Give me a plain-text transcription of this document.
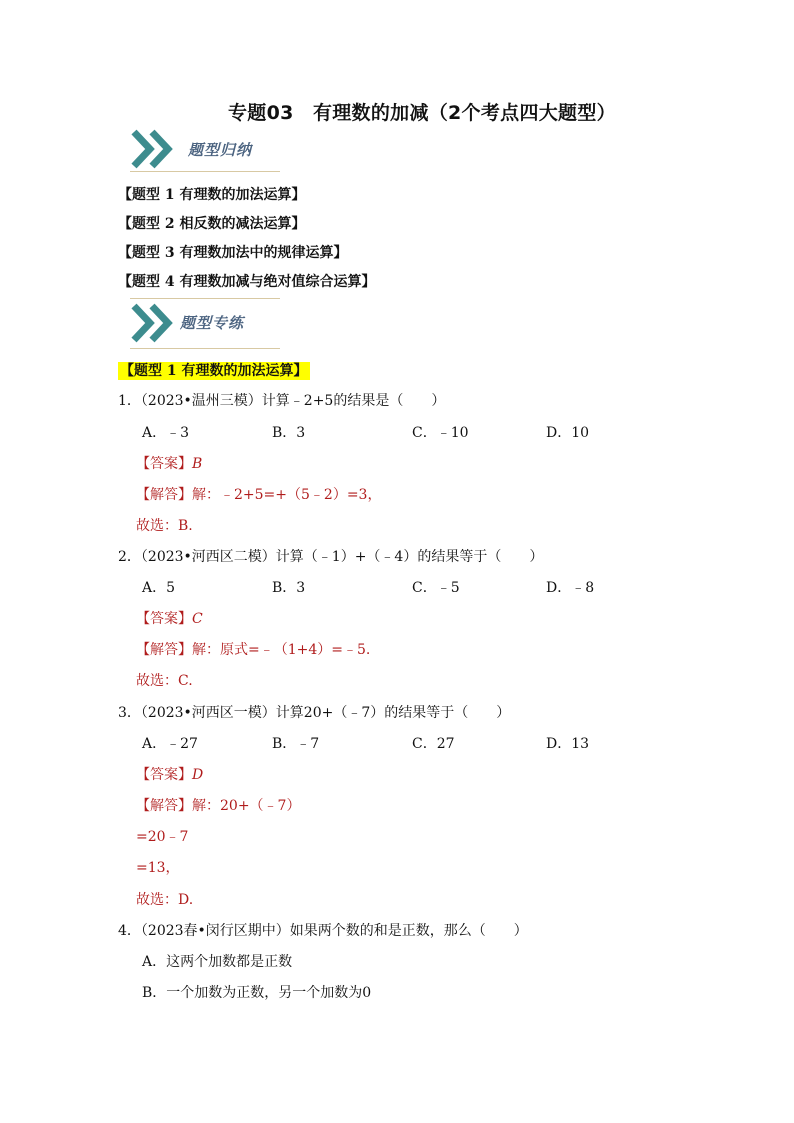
专题03　有理数的加减（2个考点四大题型）
题型归纳
【题型 1 有理数的加法运算】
【题型 2 相反数的减法运算】
【题型 3 有理数加法中的规律运算】
【题型 4 有理数加减与绝对值综合运算】
题型专练
【题型 1 有理数的加法运算】
1．（2023•温州三模）计算﹣2+5的结果是（　　）
A．﹣3	B．3	C．﹣10	D．10
【答案】B
【解答】解：﹣2+5=+（5﹣2）=3，
故选：B.
2．（2023•河西区二模）计算（﹣1）+（﹣4）的结果等于（　　）
A．5	B．3	C．﹣5	D．﹣8
【答案】C
【解答】解：原式=﹣（1+4）=﹣5.
故选：C.
3．（2023•河西区一模）计算20+（﹣7）的结果等于（　　）
A．﹣27	B．﹣7	C．27	D．13
【答案】D
【解答】解：20+（﹣7）
=20﹣7
=13，
故选：D.
4．（2023春•闵行区期中）如果两个数的和是正数，那么（　　）
A．这两个加数都是正数
B．一个加数为正数，另一个加数为0
